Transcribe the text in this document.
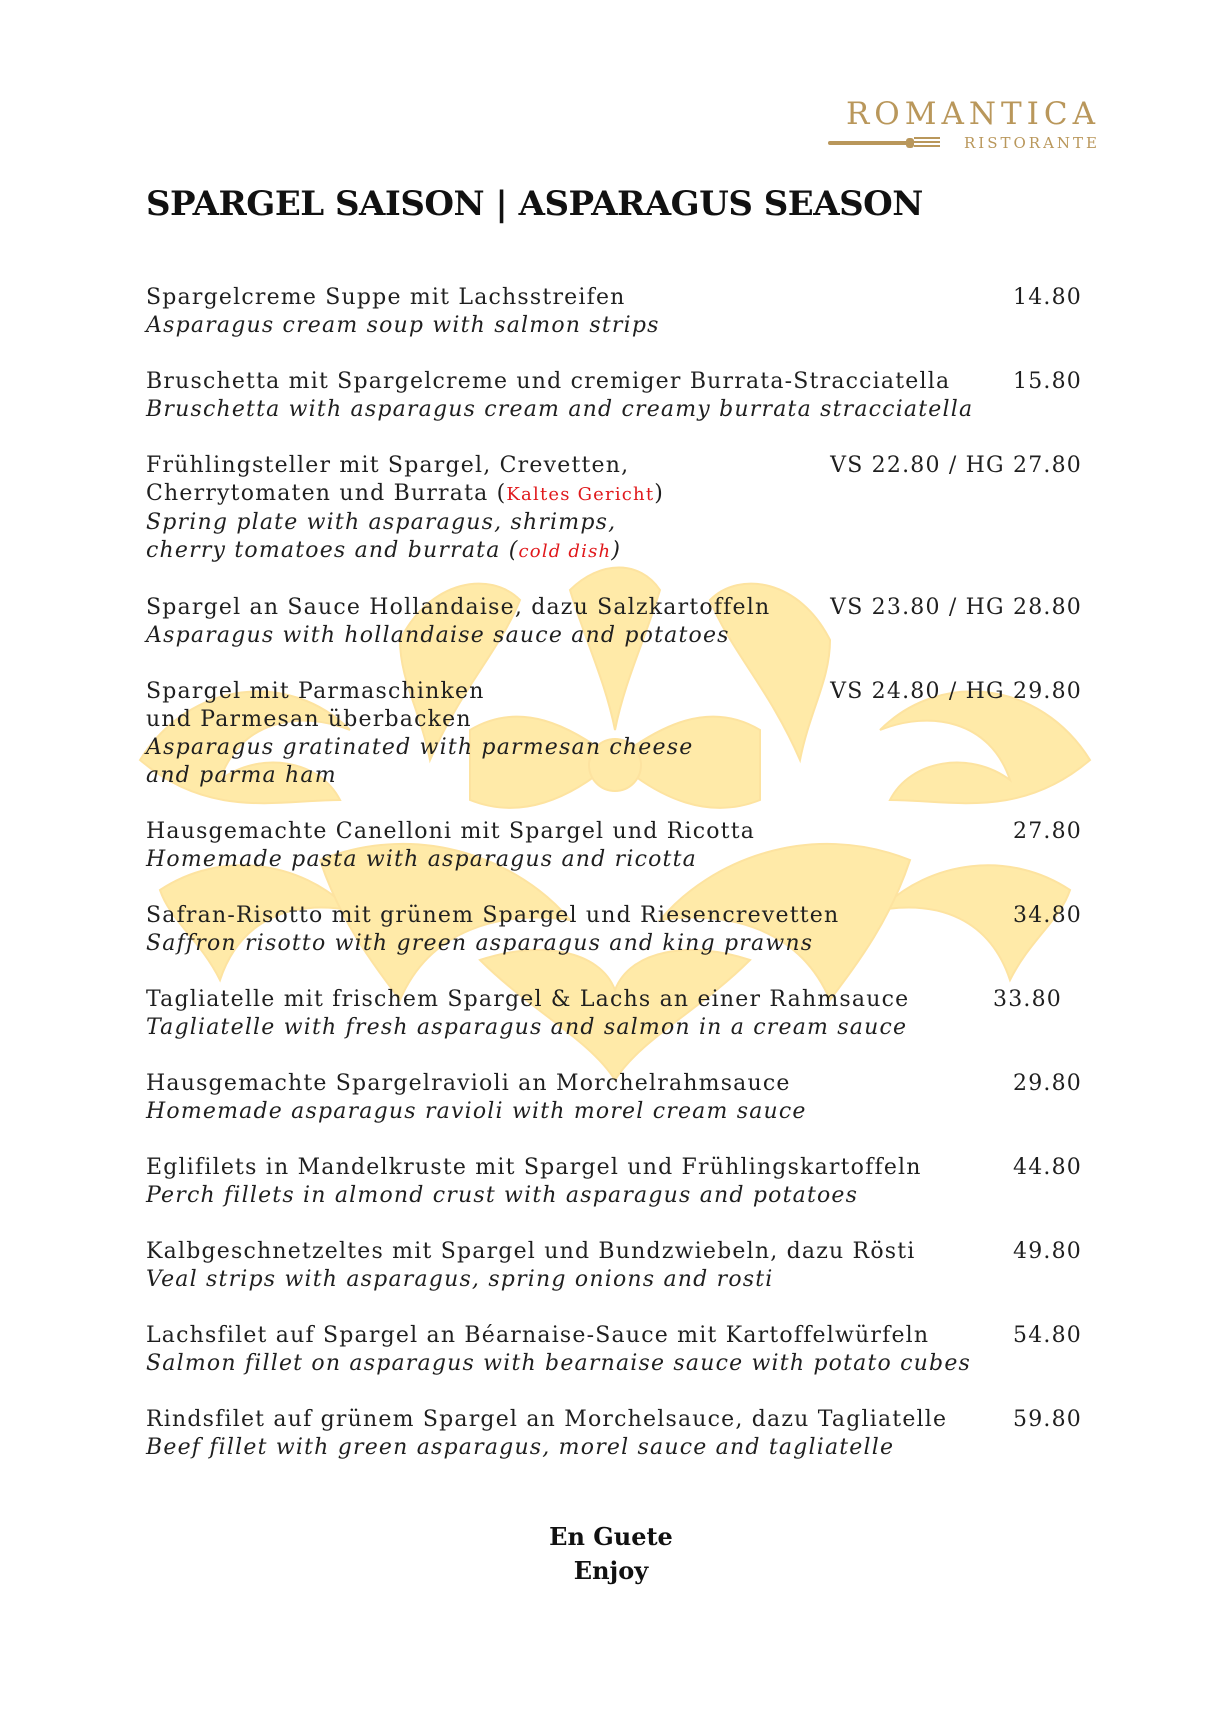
ROMANTICA
RISTORANTE
SPARGEL SAISON | ASPARAGUS SEASON
Spargelcreme Suppe mit Lachsstreifen
Asparagus cream soup with salmon strips
14.80
Bruschetta mit Spargelcreme und cremiger Burrata-Stracciatella
Bruschetta with asparagus cream and creamy burrata stracciatella
15.80
Frühlingsteller mit Spargel, Crevetten,
Cherrytomaten und Burrata (Kaltes Gericht)
Spring plate with asparagus, shrimps,
cherry tomatoes and burrata (cold dish)
VS 22.80 / HG 27.80
Spargel an Sauce Hollandaise, dazu Salzkartoffeln
Asparagus with hollandaise sauce and potatoes
VS 23.80 / HG 28.80
Spargel mit Parmaschinken
und Parmesan überbacken
Asparagus gratinated with parmesan cheese
and parma ham
VS 24.80 / HG 29.80
Hausgemachte Canelloni mit Spargel und Ricotta
Homemade pasta with asparagus and ricotta
27.80
Safran-Risotto mit grünem Spargel und Riesencrevetten
Saffron risotto with green asparagus and king prawns
34.80
Tagliatelle mit frischem Spargel & Lachs an einer Rahmsauce
Tagliatelle with fresh asparagus and salmon in a cream sauce
33.80
Hausgemachte Spargelravioli an Morchelrahmsauce
Homemade asparagus ravioli with morel cream sauce
29.80
Eglifilets in Mandelkruste mit Spargel und Frühlingskartoffeln
Perch fillets in almond crust with asparagus and potatoes
44.80
Kalbgeschnetzeltes mit Spargel und Bundzwiebeln, dazu Rösti
Veal strips with asparagus, spring onions and rosti
49.80
Lachsfilet auf Spargel an Béarnaise-Sauce mit Kartoffelwürfeln
Salmon fillet on asparagus with bearnaise sauce with potato cubes
54.80
Rindsfilet auf grünem Spargel an Morchelsauce, dazu Tagliatelle
Beef fillet with green asparagus, morel sauce and tagliatelle
59.80
En Guete
Enjoy
